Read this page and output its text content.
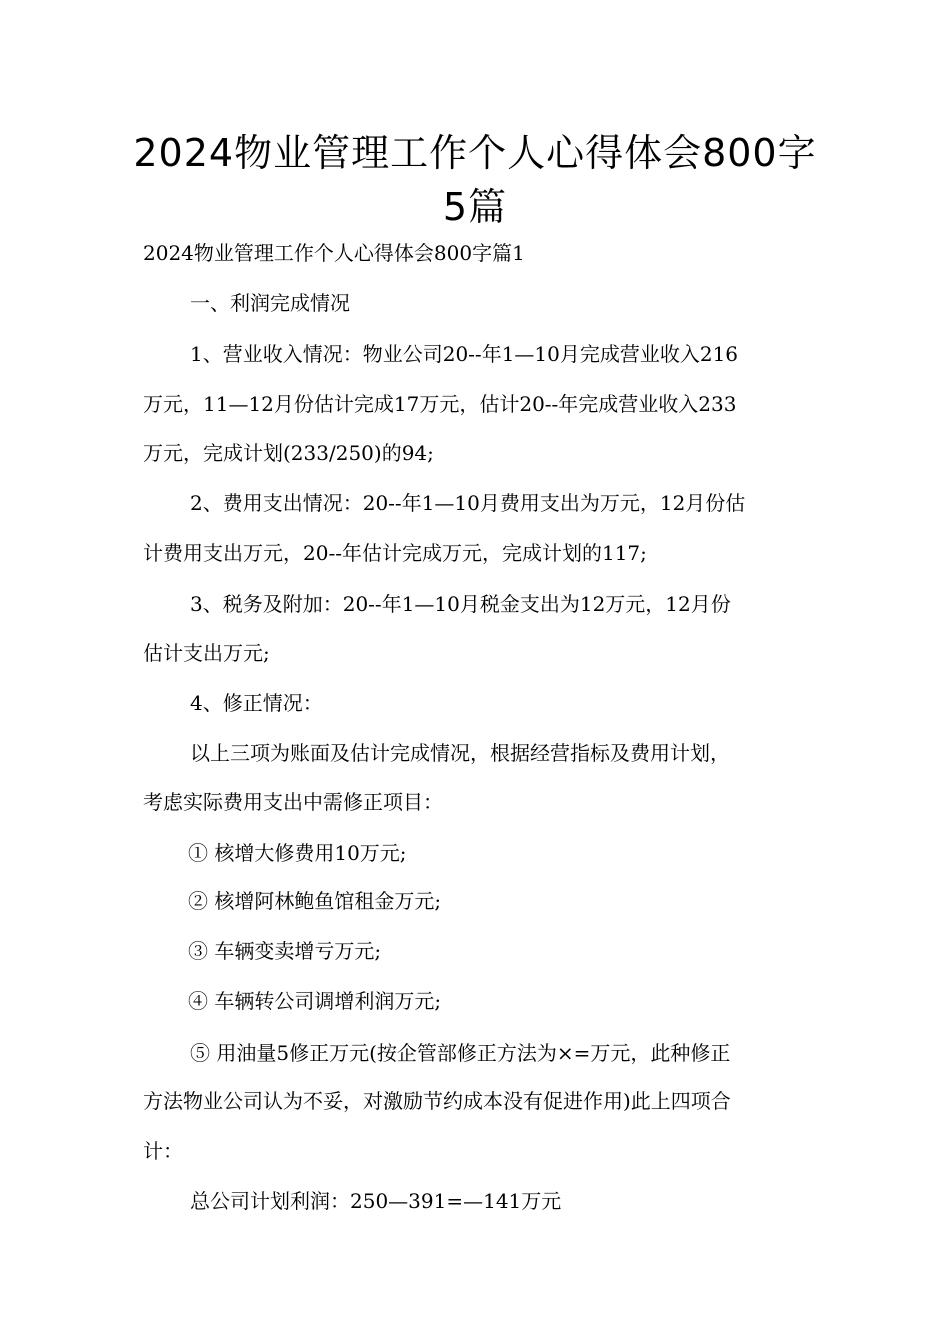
2024物业管理工作个人心得体会800字
5篇
2024物业管理工作个人心得体会800字篇1
一、利润完成情况
1、营业收入情况：物业公司20--年1—10月完成营业收入216
万元，11—12月份估计完成17万元，估计20--年完成营业收入233
万元，完成计划(233/250)的94;
2、费用支出情况：20--年1—10月费用支出为万元，12月份估
计费用支出万元，20--年估计完成万元，完成计划的117;
3、税务及附加：20--年1—10月税金支出为12万元，12月份
估计支出万元;
4、修正情况：
以上三项为账面及估计完成情况，根据经营指标及费用计划，
考虑实际费用支出中需修正项目：
① 核增大修费用10万元;
② 核增阿林鲍鱼馆租金万元;
③ 车辆变卖增亏万元;
④ 车辆转公司调增利润万元;
⑤ 用油量5修正万元(按企管部修正方法为×=万元，此种修正
方法物业公司认为不妥，对激励节约成本没有促进作用)此上四项合
计：
总公司计划利润：250—391=—141万元
